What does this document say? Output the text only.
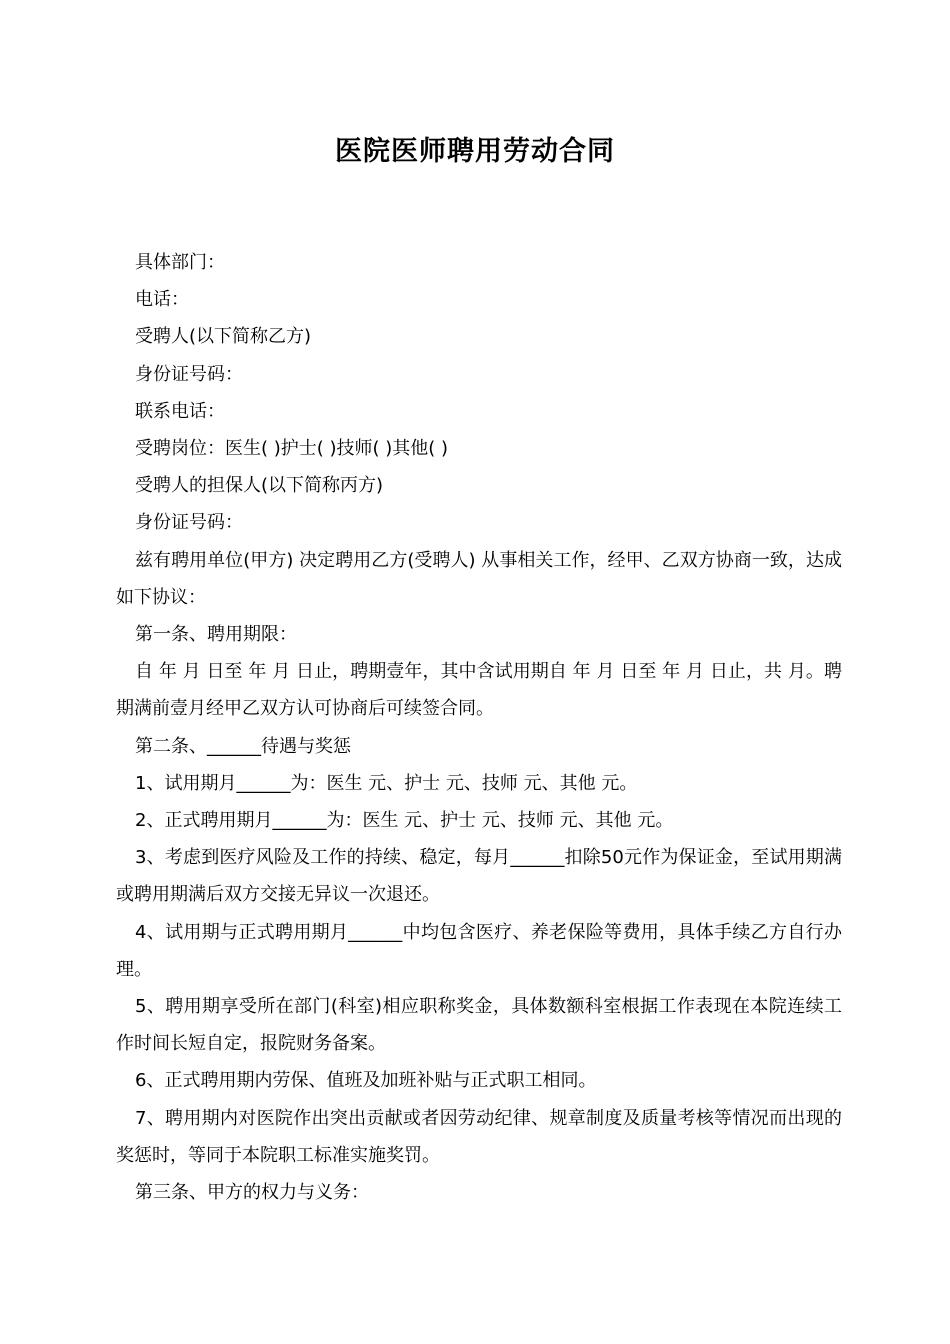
医院医师聘用劳动合同

具体部门：

电话：

受聘人(以下简称乙方)

身份证号码：

联系电话：

受聘岗位：医生( )护士( )技师( )其他( )

受聘人的担保人(以下简称丙方)

身份证号码：

兹有聘用单位(甲方) 决定聘用乙方(受聘人) 从事相关工作，经甲、乙双方协商一致，达成如下协议：

第一条、聘用期限：

自 年 月 日至 年 月 日止，聘期壹年，其中含试用期自 年 月 日至 年 月 日止，共 月。聘期满前壹月经甲乙双方认可协商后可续签合同。

第二条、______待遇与奖惩

1、试用期月______为：医生 元、护士 元、技师 元、其他 元。

2、正式聘用期月______为：医生 元、护士 元、技师 元、其他 元。

3、考虑到医疗风险及工作的持续、稳定，每月______扣除50元作为保证金，至试用期满或聘用期满后双方交接无异议一次退还。

4、试用期与正式聘用期月______中均包含医疗、养老保险等费用，具体手续乙方自行办理。

5、聘用期享受所在部门(科室)相应职称奖金，具体数额科室根据工作表现在本院连续工作时间长短自定，报院财务备案。

6、正式聘用期内劳保、值班及加班补贴与正式职工相同。

7、聘用期内对医院作出突出贡献或者因劳动纪律、规章制度及质量考核等情况而出现的奖惩时，等同于本院职工标准实施奖罚。

第三条、甲方的权力与义务：
